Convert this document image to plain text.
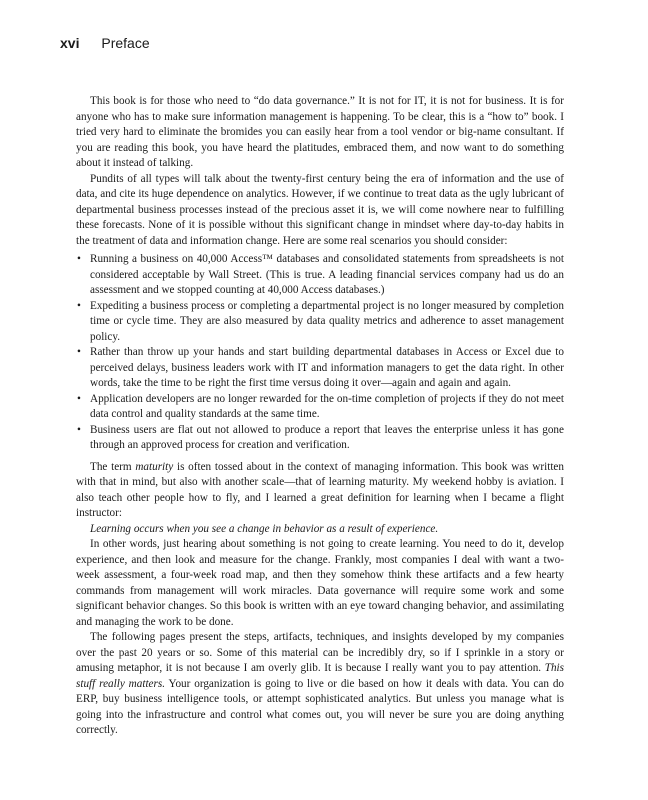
xvi Preface

This book is for those who need to “do data governance.” It is not for IT, it is not for business. It is for anyone who has to make sure information management is happening. To be clear, this is a “how to” book. I tried very hard to eliminate the bromides you can easily hear from a tool vendor or big-name consultant. If you are reading this book, you have heard the platitudes, embraced them, and now want to do something about it instead of talking.

Pundits of all types will talk about the twenty-first century being the era of information and the use of data, and cite its huge dependence on analytics. However, if we continue to treat data as the ugly lubricant of departmental business processes instead of the precious asset it is, we will come nowhere near to fulfilling these forecasts. None of it is possible without this significant change in mindset where day-to-day habits in the treatment of data and information change. Here are some real scenarios you should consider:

• Running a business on 40,000 Access™ databases and consolidated statements from spreadsheets is not considered acceptable by Wall Street. (This is true. A leading financial services company had us do an assessment and we stopped counting at 40,000 Access databases.)
• Expediting a business process or completing a departmental project is no longer measured by completion time or cycle time. They are also measured by data quality metrics and adherence to asset management policy.
• Rather than throw up your hands and start building departmental databases in Access or Excel due to perceived delays, business leaders work with IT and information managers to get the data right. In other words, take the time to be right the first time versus doing it over—again and again and again.
• Application developers are no longer rewarded for the on-time completion of projects if they do not meet data control and quality standards at the same time.
• Business users are flat out not allowed to produce a report that leaves the enterprise unless it has gone through an approved process for creation and verification.

The term maturity is often tossed about in the context of managing information. This book was written with that in mind, but also with another scale—that of learning maturity. My weekend hobby is aviation. I also teach other people how to fly, and I learned a great definition for learning when I became a flight instructor:

Learning occurs when you see a change in behavior as a result of experience.

In other words, just hearing about something is not going to create learning. You need to do it, develop experience, and then look and measure for the change. Frankly, most companies I deal with want a two-week assessment, a four-week road map, and then they somehow think these artifacts and a few hearty commands from management will work miracles. Data governance will require some work and some significant behavior changes. So this book is written with an eye toward changing behavior, and assimilating and managing the work to be done.

The following pages present the steps, artifacts, techniques, and insights developed by my companies over the past 20 years or so. Some of this material can be incredibly dry, so if I sprinkle in a story or amusing metaphor, it is not because I am overly glib. It is because I really want you to pay attention. This stuff really matters. Your organization is going to live or die based on how it deals with data. You can do ERP, buy business intelligence tools, or attempt sophisticated analytics. But unless you manage what is going into the infrastructure and control what comes out, you will never be sure you are doing anything correctly.
